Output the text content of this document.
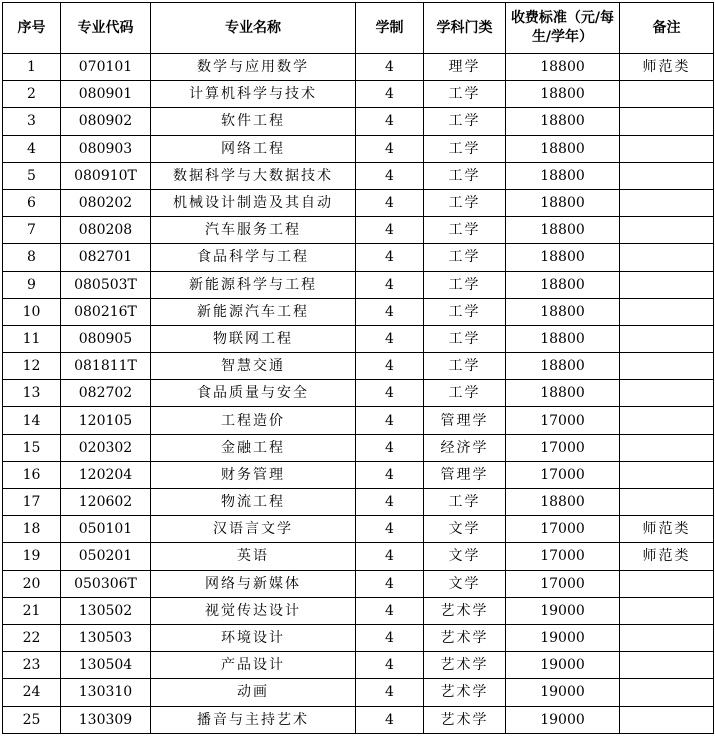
序号	专业代码	专业名称	学制	学科门类	收费标准（元/每生/学年）	备注
1	070101	数学与应用数学	4	理学	18800	师范类
2	080901	计算机科学与技术	4	工学	18800	
3	080902	软件工程	4	工学	18800	
4	080903	网络工程	4	工学	18800	
5	080910T	数据科学与大数据技术	4	工学	18800	
6	080202	机械设计制造及其自动	4	工学	18800	
7	080208	汽车服务工程	4	工学	18800	
8	082701	食品科学与工程	4	工学	18800	
9	080503T	新能源科学与工程	4	工学	18800	
10	080216T	新能源汽车工程	4	工学	18800	
11	080905	物联网工程	4	工学	18800	
12	081811T	智慧交通	4	工学	18800	
13	082702	食品质量与安全	4	工学	18800	
14	120105	工程造价	4	管理学	17000	
15	020302	金融工程	4	经济学	17000	
16	120204	财务管理	4	管理学	17000	
17	120602	物流工程	4	工学	18800	
18	050101	汉语言文学	4	文学	17000	师范类
19	050201	英语	4	文学	17000	师范类
20	050306T	网络与新媒体	4	文学	17000	
21	130502	视觉传达设计	4	艺术学	19000	
22	130503	环境设计	4	艺术学	19000	
23	130504	产品设计	4	艺术学	19000	
24	130310	动画	4	艺术学	19000	
25	130309	播音与主持艺术	4	艺术学	19000	
